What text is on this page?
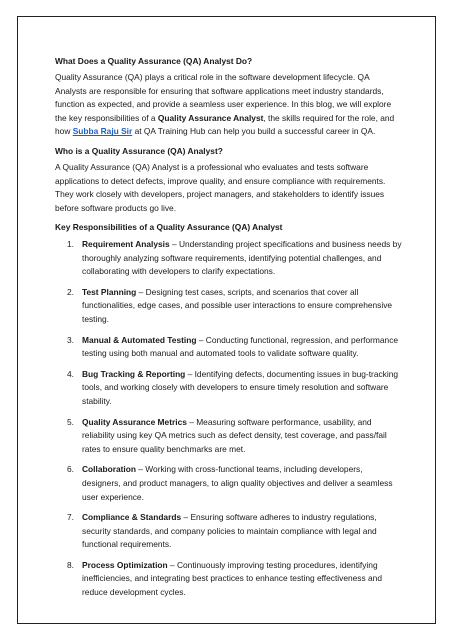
What Does a Quality Assurance (QA) Analyst Do?
Quality Assurance (QA) plays a critical role in the software development lifecycle. QA
Analysts are responsible for ensuring that software applications meet industry standards,
function as expected, and provide a seamless user experience. In this blog, we will explore
the key responsibilities of a Quality Assurance Analyst, the skills required for the role, and
how Subba Raju Sir at QA Training Hub can help you build a successful career in QA.
Who is a Quality Assurance (QA) Analyst?
A Quality Assurance (QA) Analyst is a professional who evaluates and tests software
applications to detect defects, improve quality, and ensure compliance with requirements.
They work closely with developers, project managers, and stakeholders to identify issues
before software products go live.
Key Responsibilities of a Quality Assurance (QA) Analyst
1. Requirement Analysis – Understanding project specifications and business needs by
thoroughly analyzing software requirements, identifying potential challenges, and
collaborating with developers to clarify expectations.
2. Test Planning – Designing test cases, scripts, and scenarios that cover all
functionalities, edge cases, and possible user interactions to ensure comprehensive
testing.
3. Manual & Automated Testing – Conducting functional, regression, and performance
testing using both manual and automated tools to validate software quality.
4. Bug Tracking & Reporting – Identifying defects, documenting issues in bug-tracking
tools, and working closely with developers to ensure timely resolution and software
stability.
5. Quality Assurance Metrics – Measuring software performance, usability, and
reliability using key QA metrics such as defect density, test coverage, and pass/fail
rates to ensure quality benchmarks are met.
6. Collaboration – Working with cross-functional teams, including developers,
designers, and product managers, to align quality objectives and deliver a seamless
user experience.
7. Compliance & Standards – Ensuring software adheres to industry regulations,
security standards, and company policies to maintain compliance with legal and
functional requirements.
8. Process Optimization – Continuously improving testing procedures, identifying
inefficiencies, and integrating best practices to enhance testing effectiveness and
reduce development cycles.
